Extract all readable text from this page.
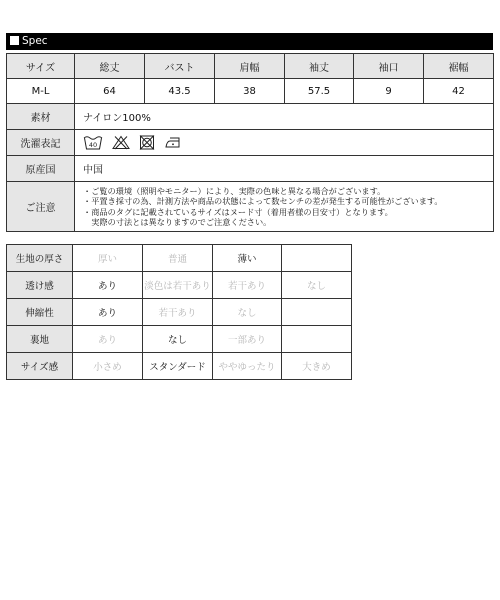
Spec
サイズ	総丈	バスト	肩幅	袖丈	袖口	裾幅
M-L	64	43.5	38	57.5	9	42
素材	ナイロン100%					
洗濯表記	40					

原産国	中国					
ご注意	・ご覧の環境（照明やモニター）により、実際の色味と異なる場合がございます。
・平置き採寸の為、計測方法や商品の状態によって数センチの差が発生する可能性がございます。
・商品のタグに記載されているサイズはヌード寸（着用者様の目安寸）となります。
　実際の寸法とは異なりますのでご注意ください。					
生地の厚さ	厚い	普通	薄い	
透け感	あり	淡色は若干あり	若干あり	なし
伸縮性	あり	若干あり	なし	
裏地	あり	なし	一部あり	
サイズ感	小さめ	スタンダード	ややゆったり	大きめ
